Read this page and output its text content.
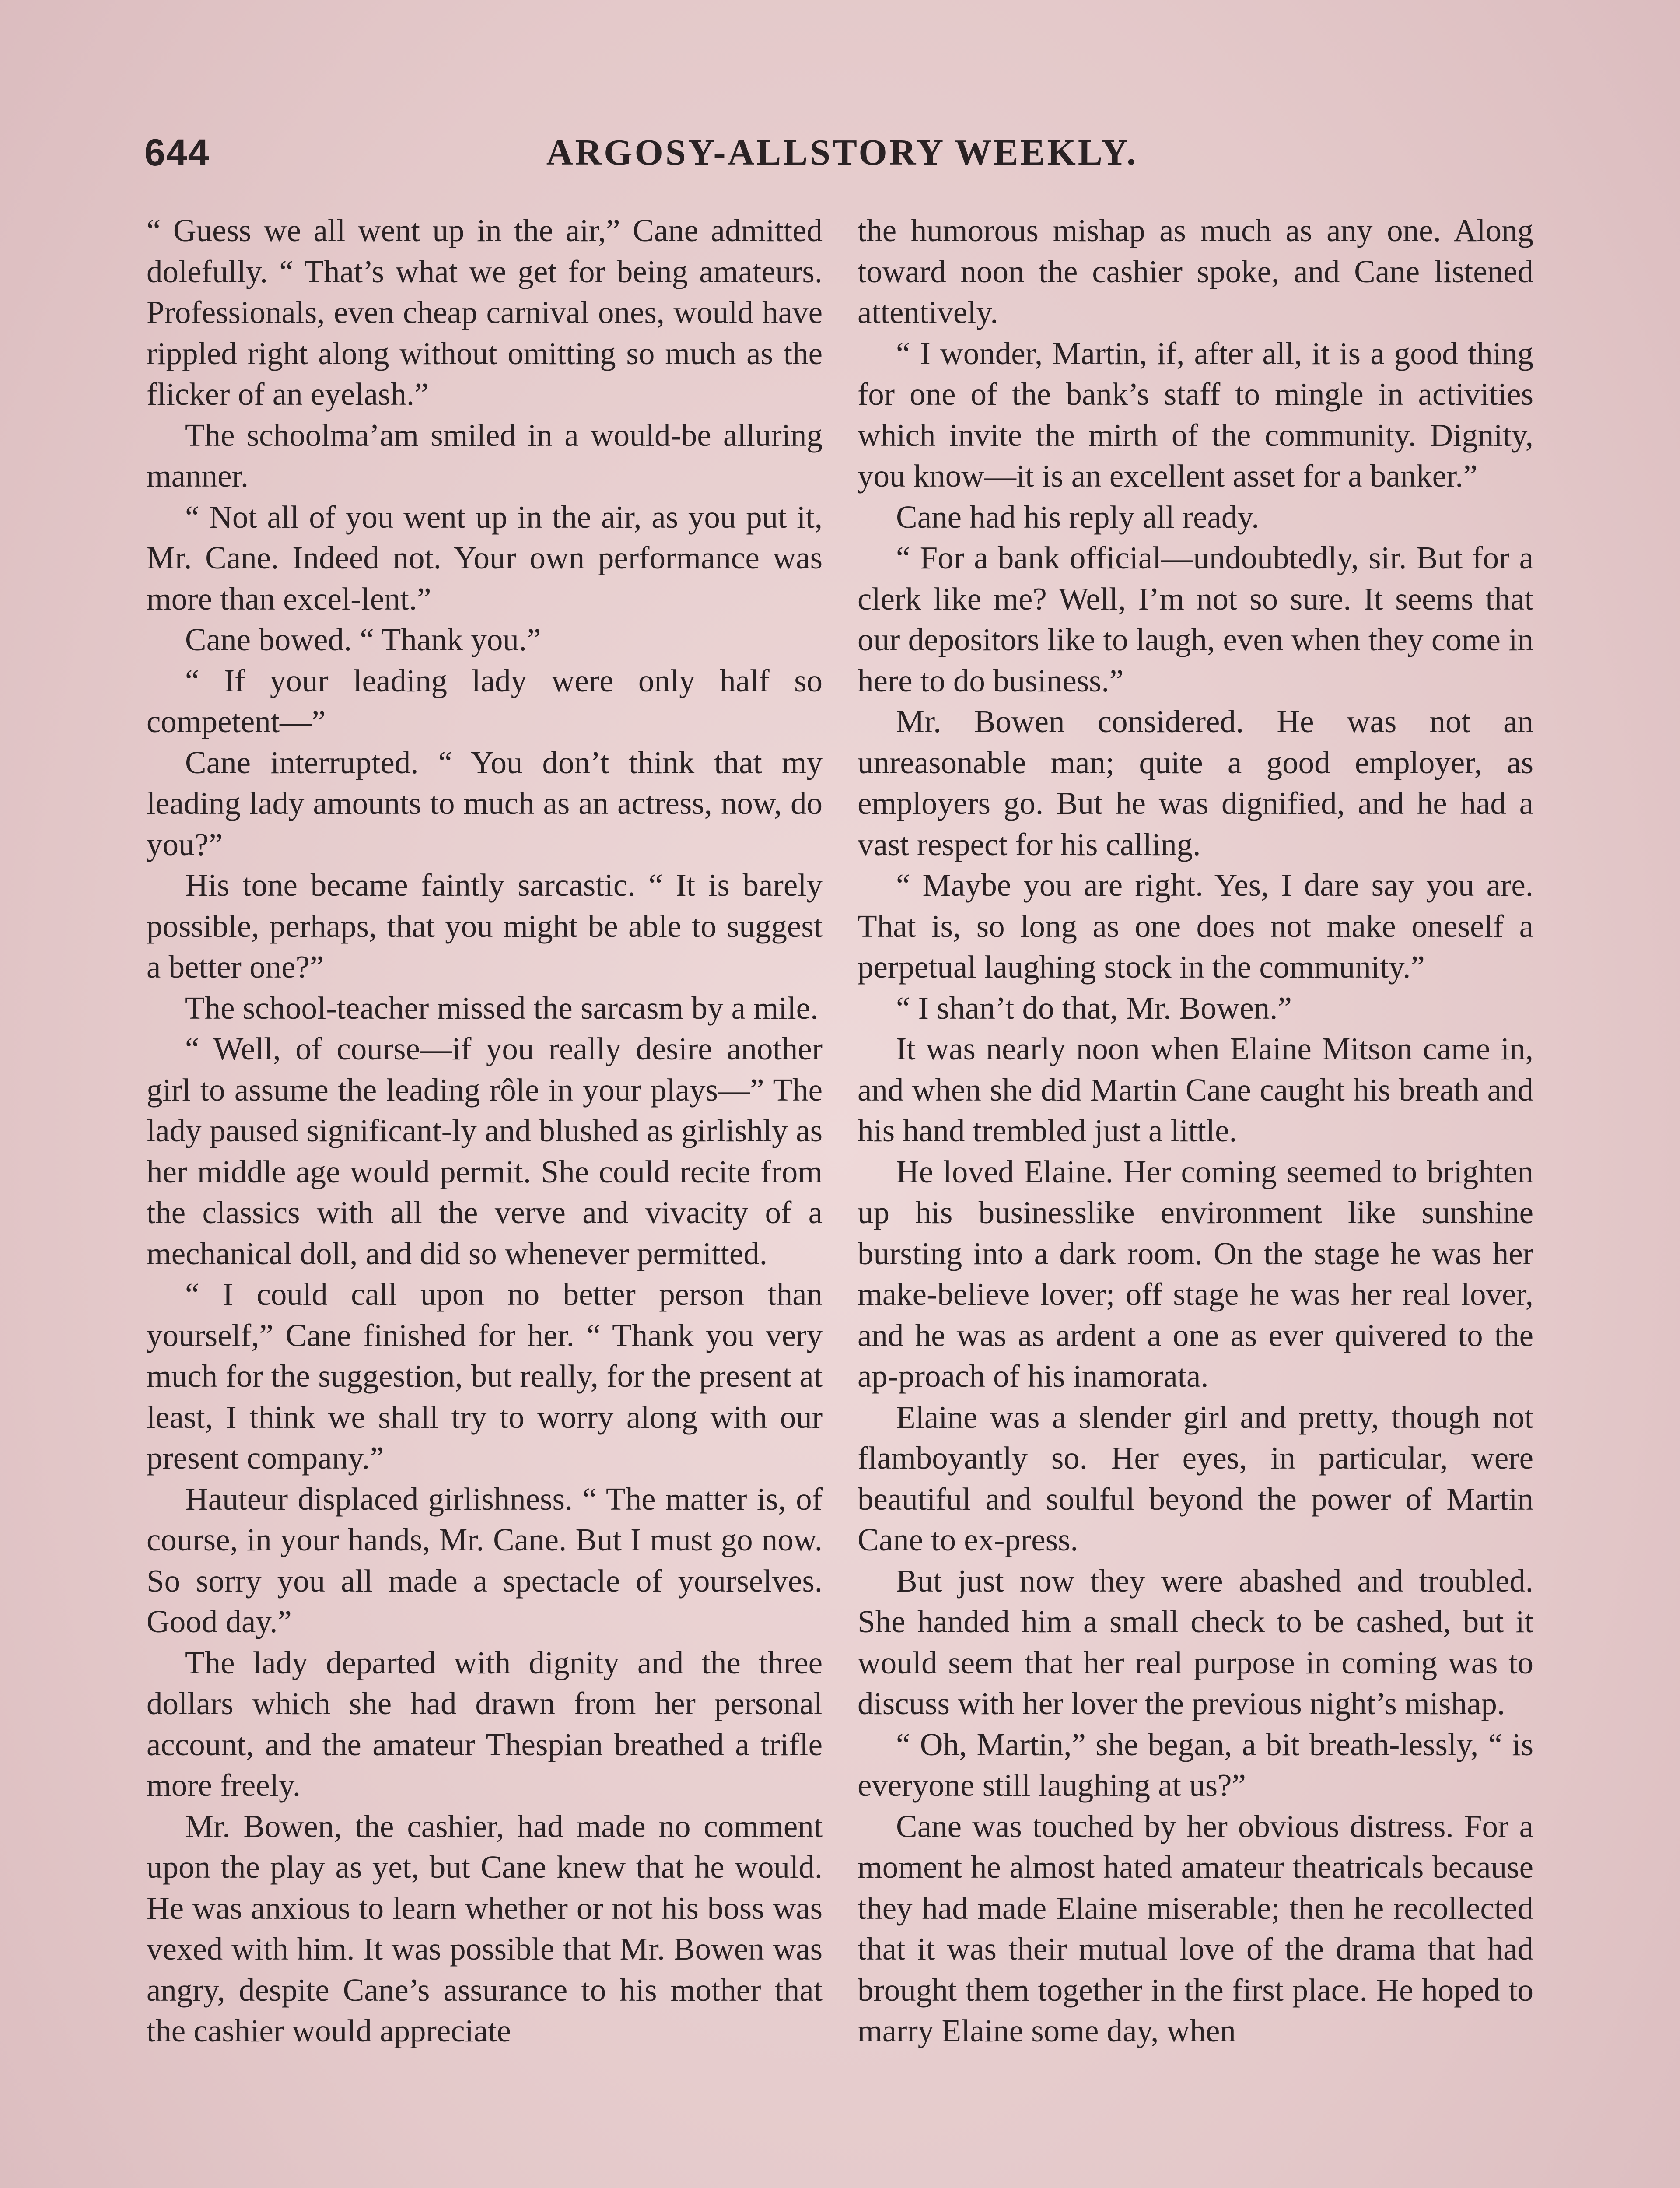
644	ARGOSY-ALLSTORY WEEKLY.

“ Guess we all went up in the air,” Cane admitted dolefully. “ That’s what we get for being amateurs. Professionals, even cheap carnival ones, would have rippled right along without omitting so much as the flicker of an eyelash.”

The schoolma’am smiled in a would-be alluring manner.

“ Not all of you went up in the air, as you put it, Mr. Cane. Indeed not. Your own performance was more than excel-lent.”

Cane bowed. “ Thank you.”

“ If your leading lady were only half so competent—”

Cane interrupted. “ You don’t think that my leading lady amounts to much as an actress, now, do you?”

His tone became faintly sarcastic. “ It is barely possible, perhaps, that you might be able to suggest a better one?”

The school-teacher missed the sarcasm by a mile.

“ Well, of course—if you really desire another girl to assume the leading rôle in your plays—” The lady paused significant-ly and blushed as girlishly as her middle age would permit. She could recite from the classics with all the verve and vivacity of a mechanical doll, and did so whenever permitted.

“ I could call upon no better person than yourself,” Cane finished for her. “ Thank you very much for the suggestion, but really, for the present at least, I think we shall try to worry along with our present company.”

Hauteur displaced girlishness. “ The matter is, of course, in your hands, Mr. Cane. But I must go now. So sorry you all made a spectacle of yourselves. Good day.”

The lady departed with dignity and the three dollars which she had drawn from her personal account, and the amateur Thespian breathed a trifle more freely.

Mr. Bowen, the cashier, had made no comment upon the play as yet, but Cane knew that he would. He was anxious to learn whether or not his boss was vexed with him. It was possible that Mr. Bowen was angry, despite Cane’s assurance to his mother that the cashier would appreciate

the humorous mishap as much as any one. Along toward noon the cashier spoke, and Cane listened attentively.

“ I wonder, Martin, if, after all, it is a good thing for one of the bank’s staff to mingle in activities which invite the mirth of the community. Dignity, you know—it is an excellent asset for a banker.”

Cane had his reply all ready.

“ For a bank official—undoubtedly, sir. But for a clerk like me? Well, I’m not so sure. It seems that our depositors like to laugh, even when they come in here to do business.”

Mr. Bowen considered. He was not an unreasonable man; quite a good employer, as employers go. But he was dignified, and he had a vast respect for his calling.

“ Maybe you are right. Yes, I dare say you are. That is, so long as one does not make oneself a perpetual laughing stock in the community.”

“ I shan’t do that, Mr. Bowen.”

It was nearly noon when Elaine Mitson came in, and when she did Martin Cane caught his breath and his hand trembled just a little.

He loved Elaine. Her coming seemed to brighten up his businesslike environment like sunshine bursting into a dark room. On the stage he was her make-believe lover; off stage he was her real lover, and he was as ardent a one as ever quivered to the ap-proach of his inamorata.

Elaine was a slender girl and pretty, though not flamboyantly so. Her eyes, in particular, were beautiful and soulful beyond the power of Martin Cane to ex-press.

But just now they were abashed and troubled. She handed him a small check to be cashed, but it would seem that her real purpose in coming was to discuss with her lover the previous night’s mishap.

“ Oh, Martin,” she began, a bit breath-lessly, “ is everyone still laughing at us?”

Cane was touched by her obvious distress. For a moment he almost hated amateur theatricals because they had made Elaine miserable; then he recollected that it was their mutual love of the drama that had brought them together in the first place. He hoped to marry Elaine some day, when
